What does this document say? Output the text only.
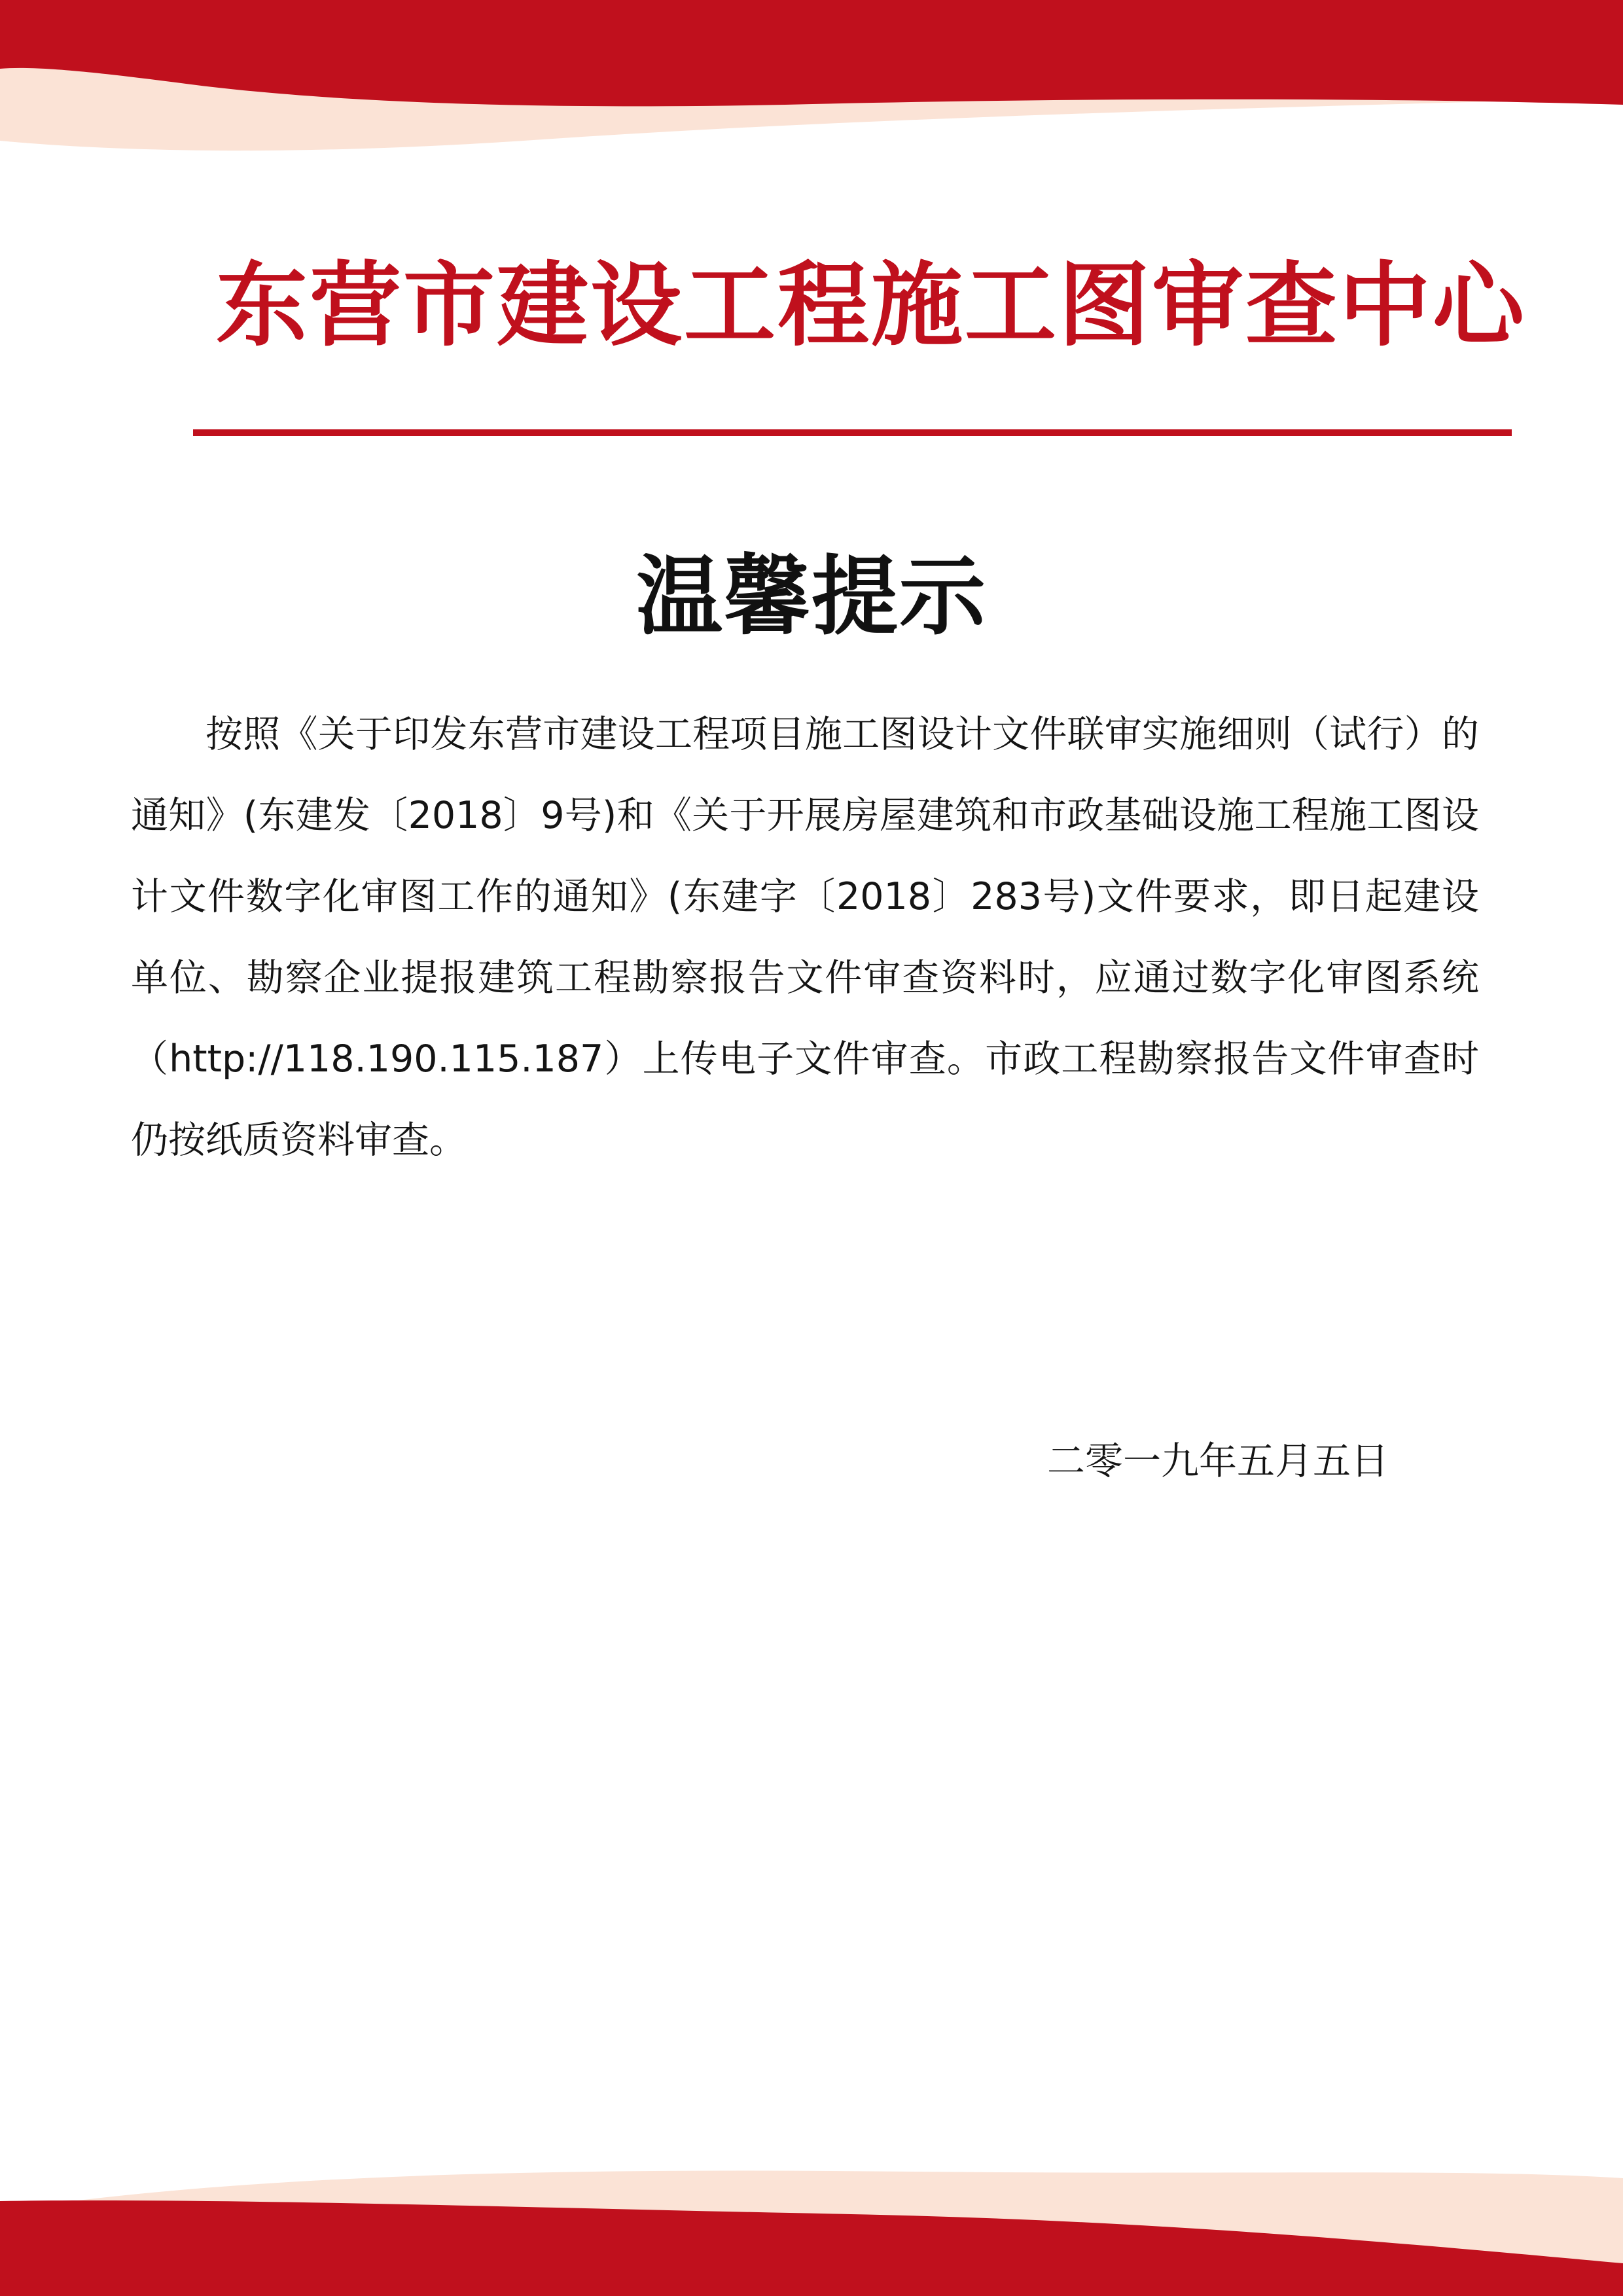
东营市建设工程施工图审查中心
温馨提示

按照《关于印发东营市建设工程项目施工图设计文件联审实施细则（试行）的通知》(东建发〔2018〕9号)和《关于开展房屋建筑和市政基础设施工程施工图设计文件数字化审图工作的通知》(东建字〔2018〕283号)文件要求，即日起建设单位、勘察企业提报建筑工程勘察报告文件审查资料时，应通过数字化审图系统（http://118.190.115.187）上传电子文件审查。市政工程勘察报告文件审查时仍按纸质资料审查。

二零一九年五月五日
